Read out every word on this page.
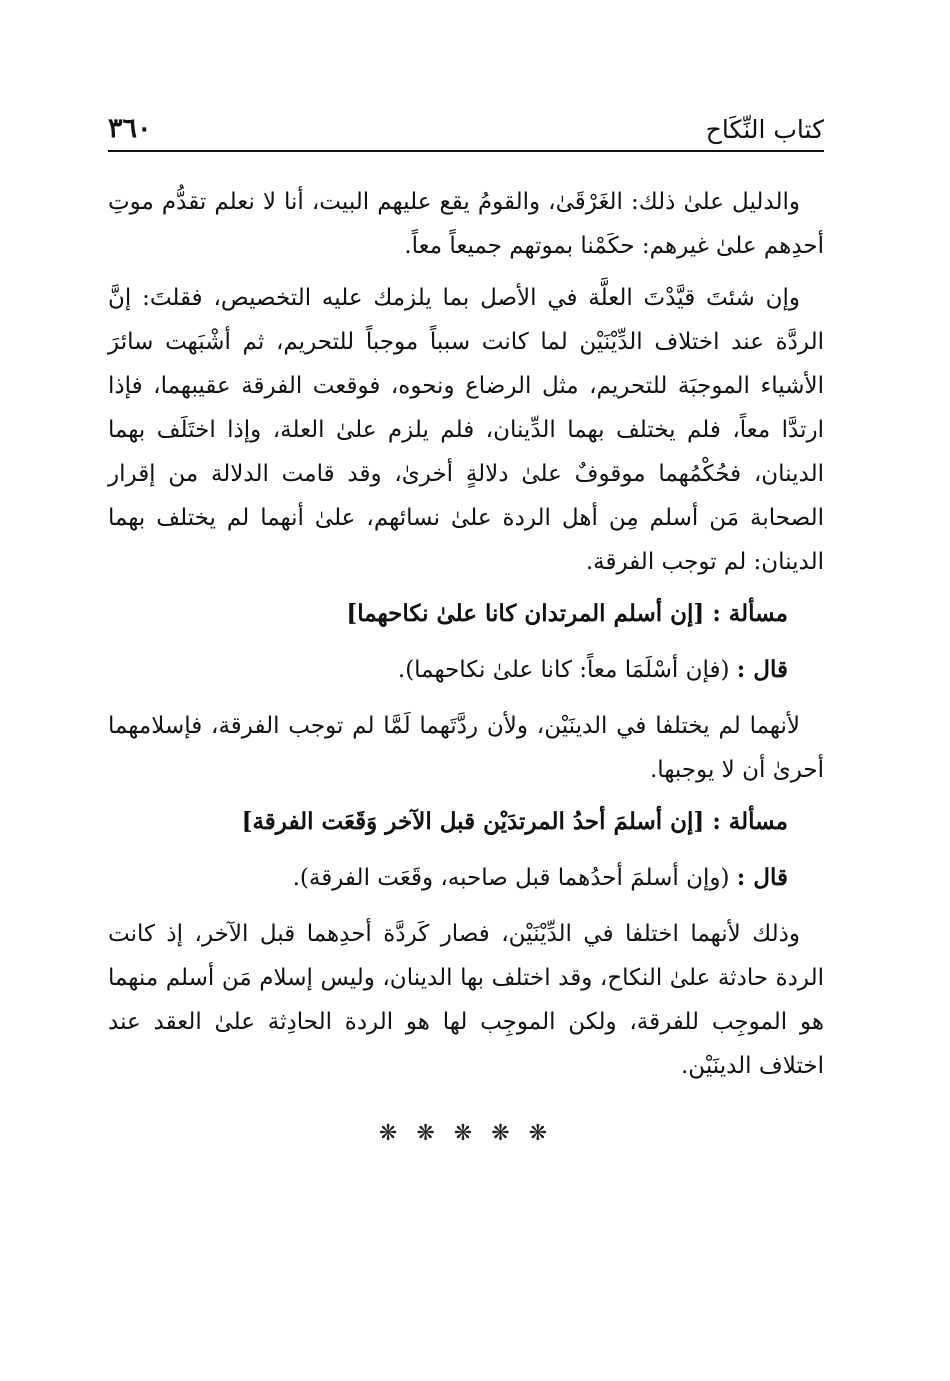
كتاب النِّكَاح
٣٦٠

والدليل علىٰ ذلك: الغَرْقَىٰ، والقومُ يقع عليهم البيت، أنا لا نعلم تقدُّم موتِ أحدِهم علىٰ غيرهم: حكَمْنا بموتهم جميعاً معاً.

وإن شئتَ قيَّدْتَ العلَّة في الأصل بما يلزمك عليه التخصيص، فقلتَ: إنَّ الردَّة عند اختلاف الدِّيْنَيْن لما كانت سبباً موجباً للتحريم، ثم أشْبَهت سائرَ الأشياء الموجبَة للتحريم، مثل الرضاع ونحوه، فوقعت الفرقة عقيبهما، فإذا ارتدَّا معاً، فلم يختلف بهما الدِّينان، فلم يلزم علىٰ العلة، وإذا اختَلَف بهما الدينان، فحُكْمُهما موقوفٌ علىٰ دلالةٍ أخرىٰ، وقد قامت الدلالة من إقرار الصحابة مَن أسلم مِن أهل الردة علىٰ نسائهم، علىٰ أنهما لم يختلف بهما الدينان: لم توجب الفرقة.

مسألة : [إن أسلم المرتدان كانا علىٰ نكاحهما]

قال : (فإن أسْلَمَا معاً: كانا علىٰ نكاحهما).

لأنهما لم يختلفا في الدينَيْن، ولأن ردَّتَهما لَمَّا لم توجب الفرقة، فإسلامهما أحرىٰ أن لا يوجبها.

مسألة : [إن أسلمَ أحدُ المرتدَيْن قبل الآخر وَقَعَت الفرقة]

قال : (وإن أسلمَ أحدُهما قبل صاحبه، وقَعَت الفرقة).

وذلك لأنهما اختلفا في الدِّيْنَيْن، فصار كَردَّة أحدِهما قبل الآخر، إذ كانت الردة حادثة علىٰ النكاح، وقد اختلف بها الدينان، وليس إسلام مَن أسلم منهما هو الموجِب للفرقة، ولكن الموجِب لها هو الردة الحادِثة علىٰ العقد عند اختلاف الدينَيْن.

❋ ❋ ❋ ❋ ❋
